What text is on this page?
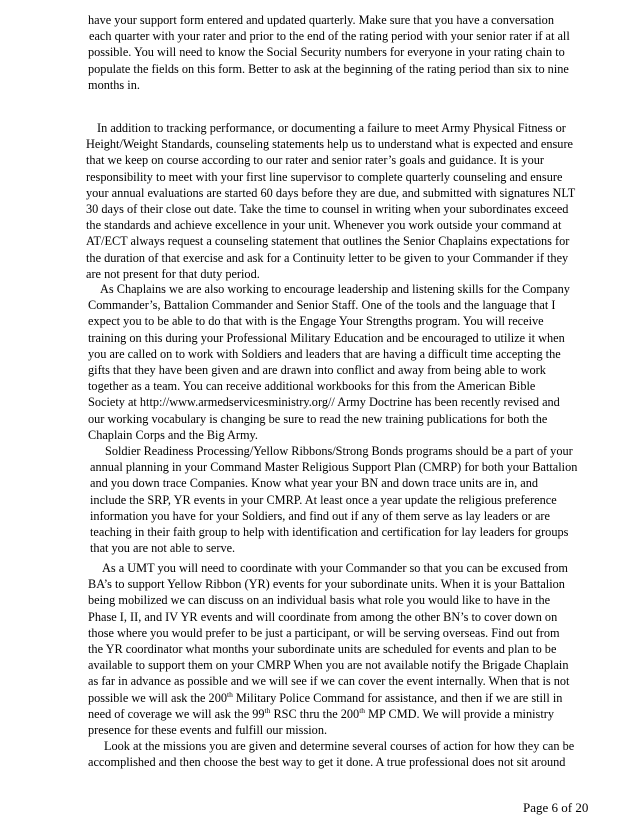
have your support form entered and updated quarterly. Make sure that you have a conversation
each quarter with your rater and prior to the end of the rating period with your senior rater if at all
possible. You will need to know the Social Security numbers for everyone in your rating chain to
populate the fields on this form. Better to ask at the beginning of the rating period than six to nine
months in.
In addition to tracking performance, or documenting a failure to meet Army Physical Fitness or
Height/Weight Standards, counseling statements help us to understand what is expected and ensure
that we keep on course according to our rater and senior rater’s goals and guidance. It is your
responsibility to meet with your first line supervisor to complete quarterly counseling and ensure
your annual evaluations are started 60 days before they are due, and submitted with signatures NLT
30 days of their close out date. Take the time to counsel in writing when your subordinates exceed
the standards and achieve excellence in your unit. Whenever you work outside your command at
AT/ECT always request a counseling statement that outlines the Senior Chaplains expectations for
the duration of that exercise and ask for a Continuity letter to be given to your Commander if they
are not present for that duty period.
As Chaplains we are also working to encourage leadership and listening skills for the Company
Commander’s, Battalion Commander and Senior Staff. One of the tools and the language that I
expect you to be able to do that with is the Engage Your Strengths program. You will receive
training on this during your Professional Military Education and be encouraged to utilize it when
you are called on to work with Soldiers and leaders that are having a difficult time accepting the
gifts that they have been given and are drawn into conflict and away from being able to work
together as a team. You can receive additional workbooks for this from the American Bible
Society at http://www.armedservicesministry.org// Army Doctrine has been recently revised and
our working vocabulary is changing be sure to read the new training publications for both the
Chaplain Corps and the Big Army.
Soldier Readiness Processing/Yellow Ribbons/Strong Bonds programs should be a part of your
annual planning in your Command Master Religious Support Plan (CMRP) for both your Battalion
and you down trace Companies. Know what year your BN and down trace units are in, and
include the SRP, YR events in your CMRP. At least once a year update the religious preference
information you have for your Soldiers, and find out if any of them serve as lay leaders or are
teaching in their faith group to help with identification and certification for lay leaders for groups
that you are not able to serve.
As a UMT you will need to coordinate with your Commander so that you can be excused from
BA’s to support Yellow Ribbon (YR) events for your subordinate units. When it is your Battalion
being mobilized we can discuss on an individual basis what role you would like to have in the
Phase I, II, and IV YR events and will coordinate from among the other BN’s to cover down on
those where you would prefer to be just a participant, or will be serving overseas. Find out from
the YR coordinator what months your subordinate units are scheduled for events and plan to be
available to support them on your CMRP When you are not available notify the Brigade Chaplain
as far in advance as possible and we will see if we can cover the event internally. When that is not
possible we will ask the 200th Military Police Command for assistance, and then if we are still in
need of coverage we will ask the 99th RSC thru the 200th MP CMD. We will provide a ministry
presence for these events and fulfill our mission.
Look at the missions you are given and determine several courses of action for how they can be
accomplished and then choose the best way to get it done. A true professional does not sit around
Page 6 of 20
